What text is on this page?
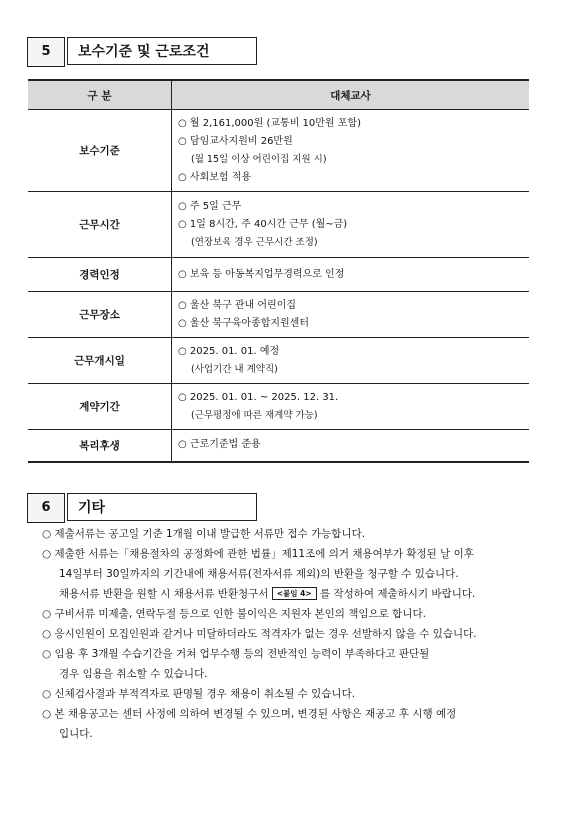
5	보수기준 및 근로조건
구 분	대체교사
보수기준	○ 월 2,161,000원 (교통비 10만원 포함)
○ 담임교사지원비 26만원
(월 15일 이상 어린이집 지원 시)
○ 사회보험 적용

근무시간	○ 주 5일 근무
○ 1일 8시간, 주 40시간 근무 (월~금)
(연장보육 경우 근무시간 조정)

경력인정	○ 보육 등 아동복지업무경력으로 인정

근무장소	○ 울산 북구 관내 어린이집
○ 울산 북구육아종합지원센터

근무개시일	○ 2025. 01. 01. 예정
(사업기간 내 계약직)

계약기간	○ 2025. 01. 01. ~ 2025. 12. 31.
(근무평정에 따른 재계약 가능)

복리후생	○ 근로기준법 준용
6	기타
○ 제출서류는 공고일 기준 1개월 이내 발급한 서류만 접수 가능합니다.
○ 제출한 서류는「채용절차의 공정화에 관한 법률」제11조에 의거 채용여부가 확정된 날 이후
14일부터 30일까지의 기간내에 채용서류(전자서류 제외)의 반환을 청구할 수 있습니다.
채용서류 반환을 원할 시 채용서류 반환청구서 <붙임 4> 를 작성하여 제출하시기 바랍니다.
○ 구비서류 미제출, 연락두절 등으로 인한 불이익은 지원자 본인의 책임으로 합니다.
○ 응시인원이 모집인원과 같거나 미달하더라도 적격자가 없는 경우 선발하지 않을 수 있습니다.
○ 임용 후 3개월 수습기간을 거쳐 업무수행 등의 전반적인 능력이 부족하다고 판단될
경우 임용을 취소할 수 있습니다.
○ 신체검사결과 부적격자로 판명될 경우 채용이 취소될 수 있습니다.
○ 본 채용공고는 센터 사정에 의하여 변경될 수 있으며, 변경된 사항은 재공고 후 시행 예정
입니다.
